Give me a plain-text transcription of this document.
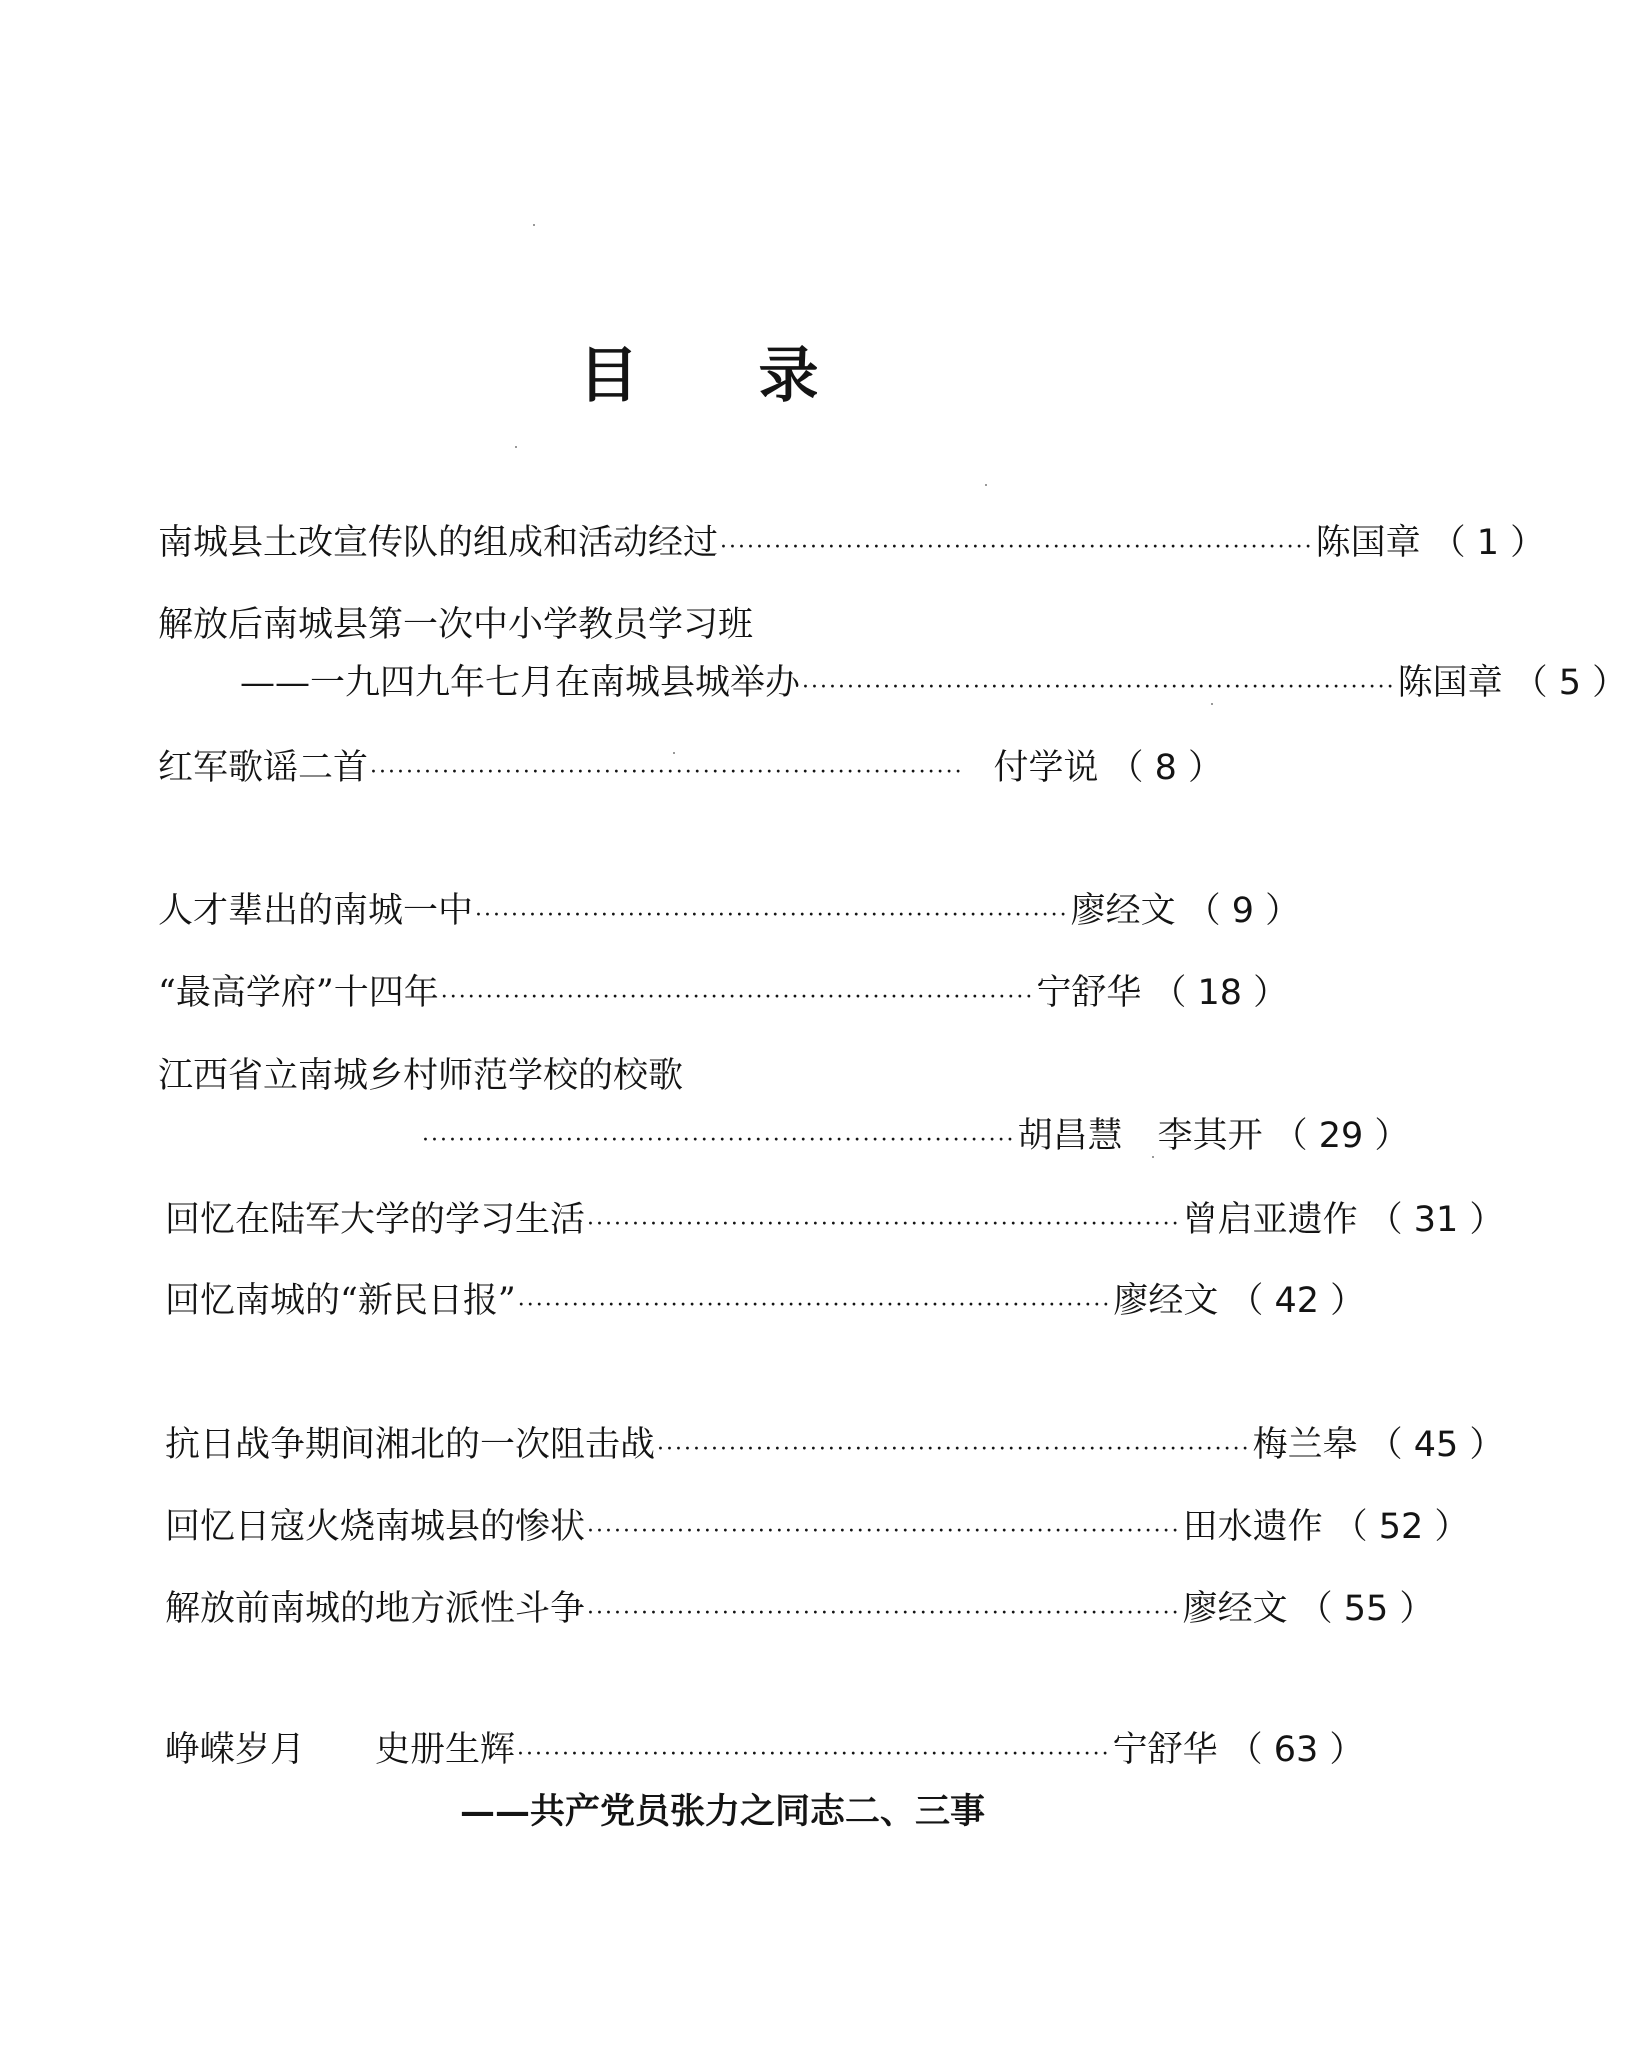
目 录
南城县土改宣传队的组成和活动经过 ·································································· 陈国章 （ 1 ）
解放后南城县第一次中小学教员学习班
——一九四九年七月在南城县城举办 ·································································· 陈国章 （ 5 ）
红军歌谣二首 ·································································· 付学说 （ 8 ）
人才辈出的南城一中 ·································································· 廖经文 （ 9 ）
“最高学府”十四年 ·································································· 宁舒华 （ 18 ）
江西省立南城乡村师范学校的校歌
·································································· 胡昌慧　李其开 （ 29 ）
回忆在陆军大学的学习生活 ·································································· 曾启亚遗作 （ 31 ）
回忆南城的“新民日报” ·································································· 廖经文 （ 42 ）
抗日战争期间湘北的一次阻击战 ·································································· 梅兰皋 （ 45 ）
回忆日寇火烧南城县的惨状 ·································································· 田水遗作 （ 52 ）
解放前南城的地方派性斗争 ·································································· 廖经文 （ 55 ）
峥嵘岁月　　史册生辉 ·································································· 宁舒华 （ 63 ）
——共产党员张力之同志二、三事
